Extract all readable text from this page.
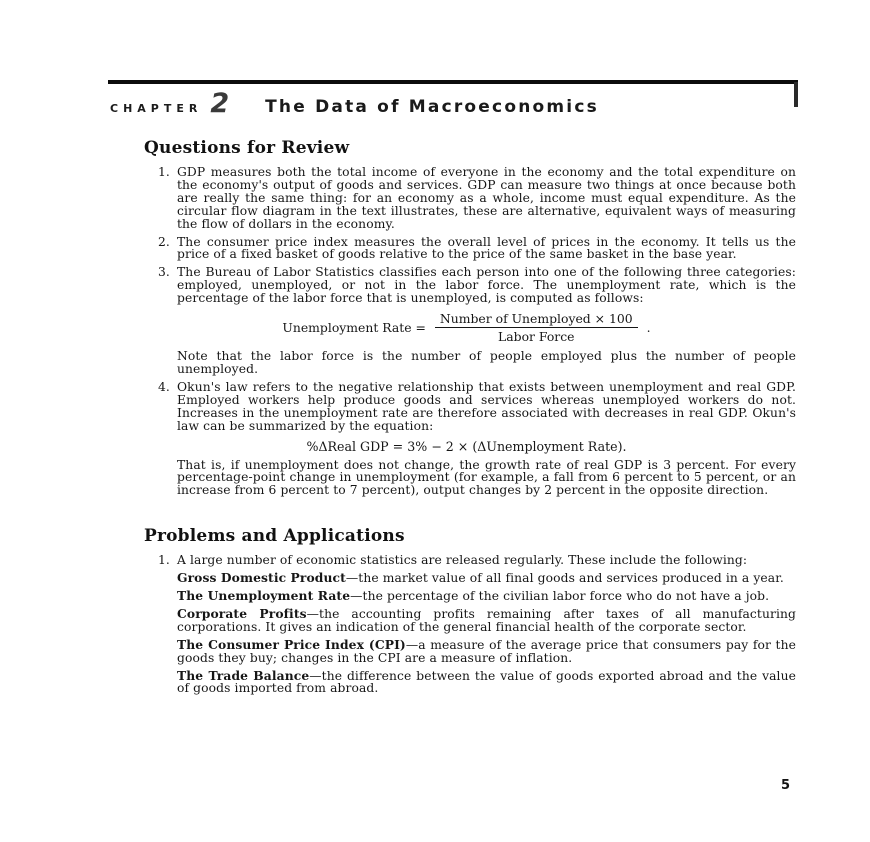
CHAPTER 2 The Data of Macroeconomics
Questions for Review
1. GDP measures both the total income of everyone in the economy and the total expenditure on the economy's output of goods and services. GDP can measure two things at once because both are really the same thing: for an economy as a whole, income must equal expenditure. As the circular flow diagram in the text illustrates, these are alternative, equivalent ways of measuring the flow of dollars in the economy.
2. The consumer price index measures the overall level of prices in the economy. It tells us the price of a fixed basket of goods relative to the price of the same basket in the base year.
3. The Bureau of Labor Statistics classifies each person into one of the following three categories: employed, unemployed, or not in the labor force. The unemployment rate, which is the percentage of the labor force that is unemployed, is computed as follows:
Unemployment Rate = $\frac{\text{Number of Unemployed × 100}}{\text{Labor Force}}$ .
Note that the labor force is the number of people employed plus the number of people unemployed.
4. Okun's law refers to the negative relationship that exists between unemployment and real GDP. Employed workers help produce goods and services whereas unemployed workers do not. Increases in the unemployment rate are therefore associated with decreases in real GDP. Okun's law can be summarized by the equation:
%ΔReal GDP = 3% − 2 × (ΔUnemployment Rate).
That is, if unemployment does not change, the growth rate of real GDP is 3 percent. For every percentage-point change in unemployment (for example, a fall from 6 percent to 5 percent, or an increase from 6 percent to 7 percent), output changes by 2 percent in the opposite direction.
Problems and Applications
1. A large number of economic statistics are released regularly. These include the following:

Gross Domestic Product—the market value of all final goods and services produced in a year.

The Unemployment Rate—the percentage of the civilian labor force who do not have a job.

Corporate Profits—the accounting profits remaining after taxes of all manufacturing corporations. It gives an indication of the general financial health of the corporate sector.

The Consumer Price Index (CPI)—a measure of the average price that consumers pay for the goods they buy; changes in the CPI are a measure of inflation.

The Trade Balance—the difference between the value of goods exported abroad and the value of goods imported from abroad.

5
